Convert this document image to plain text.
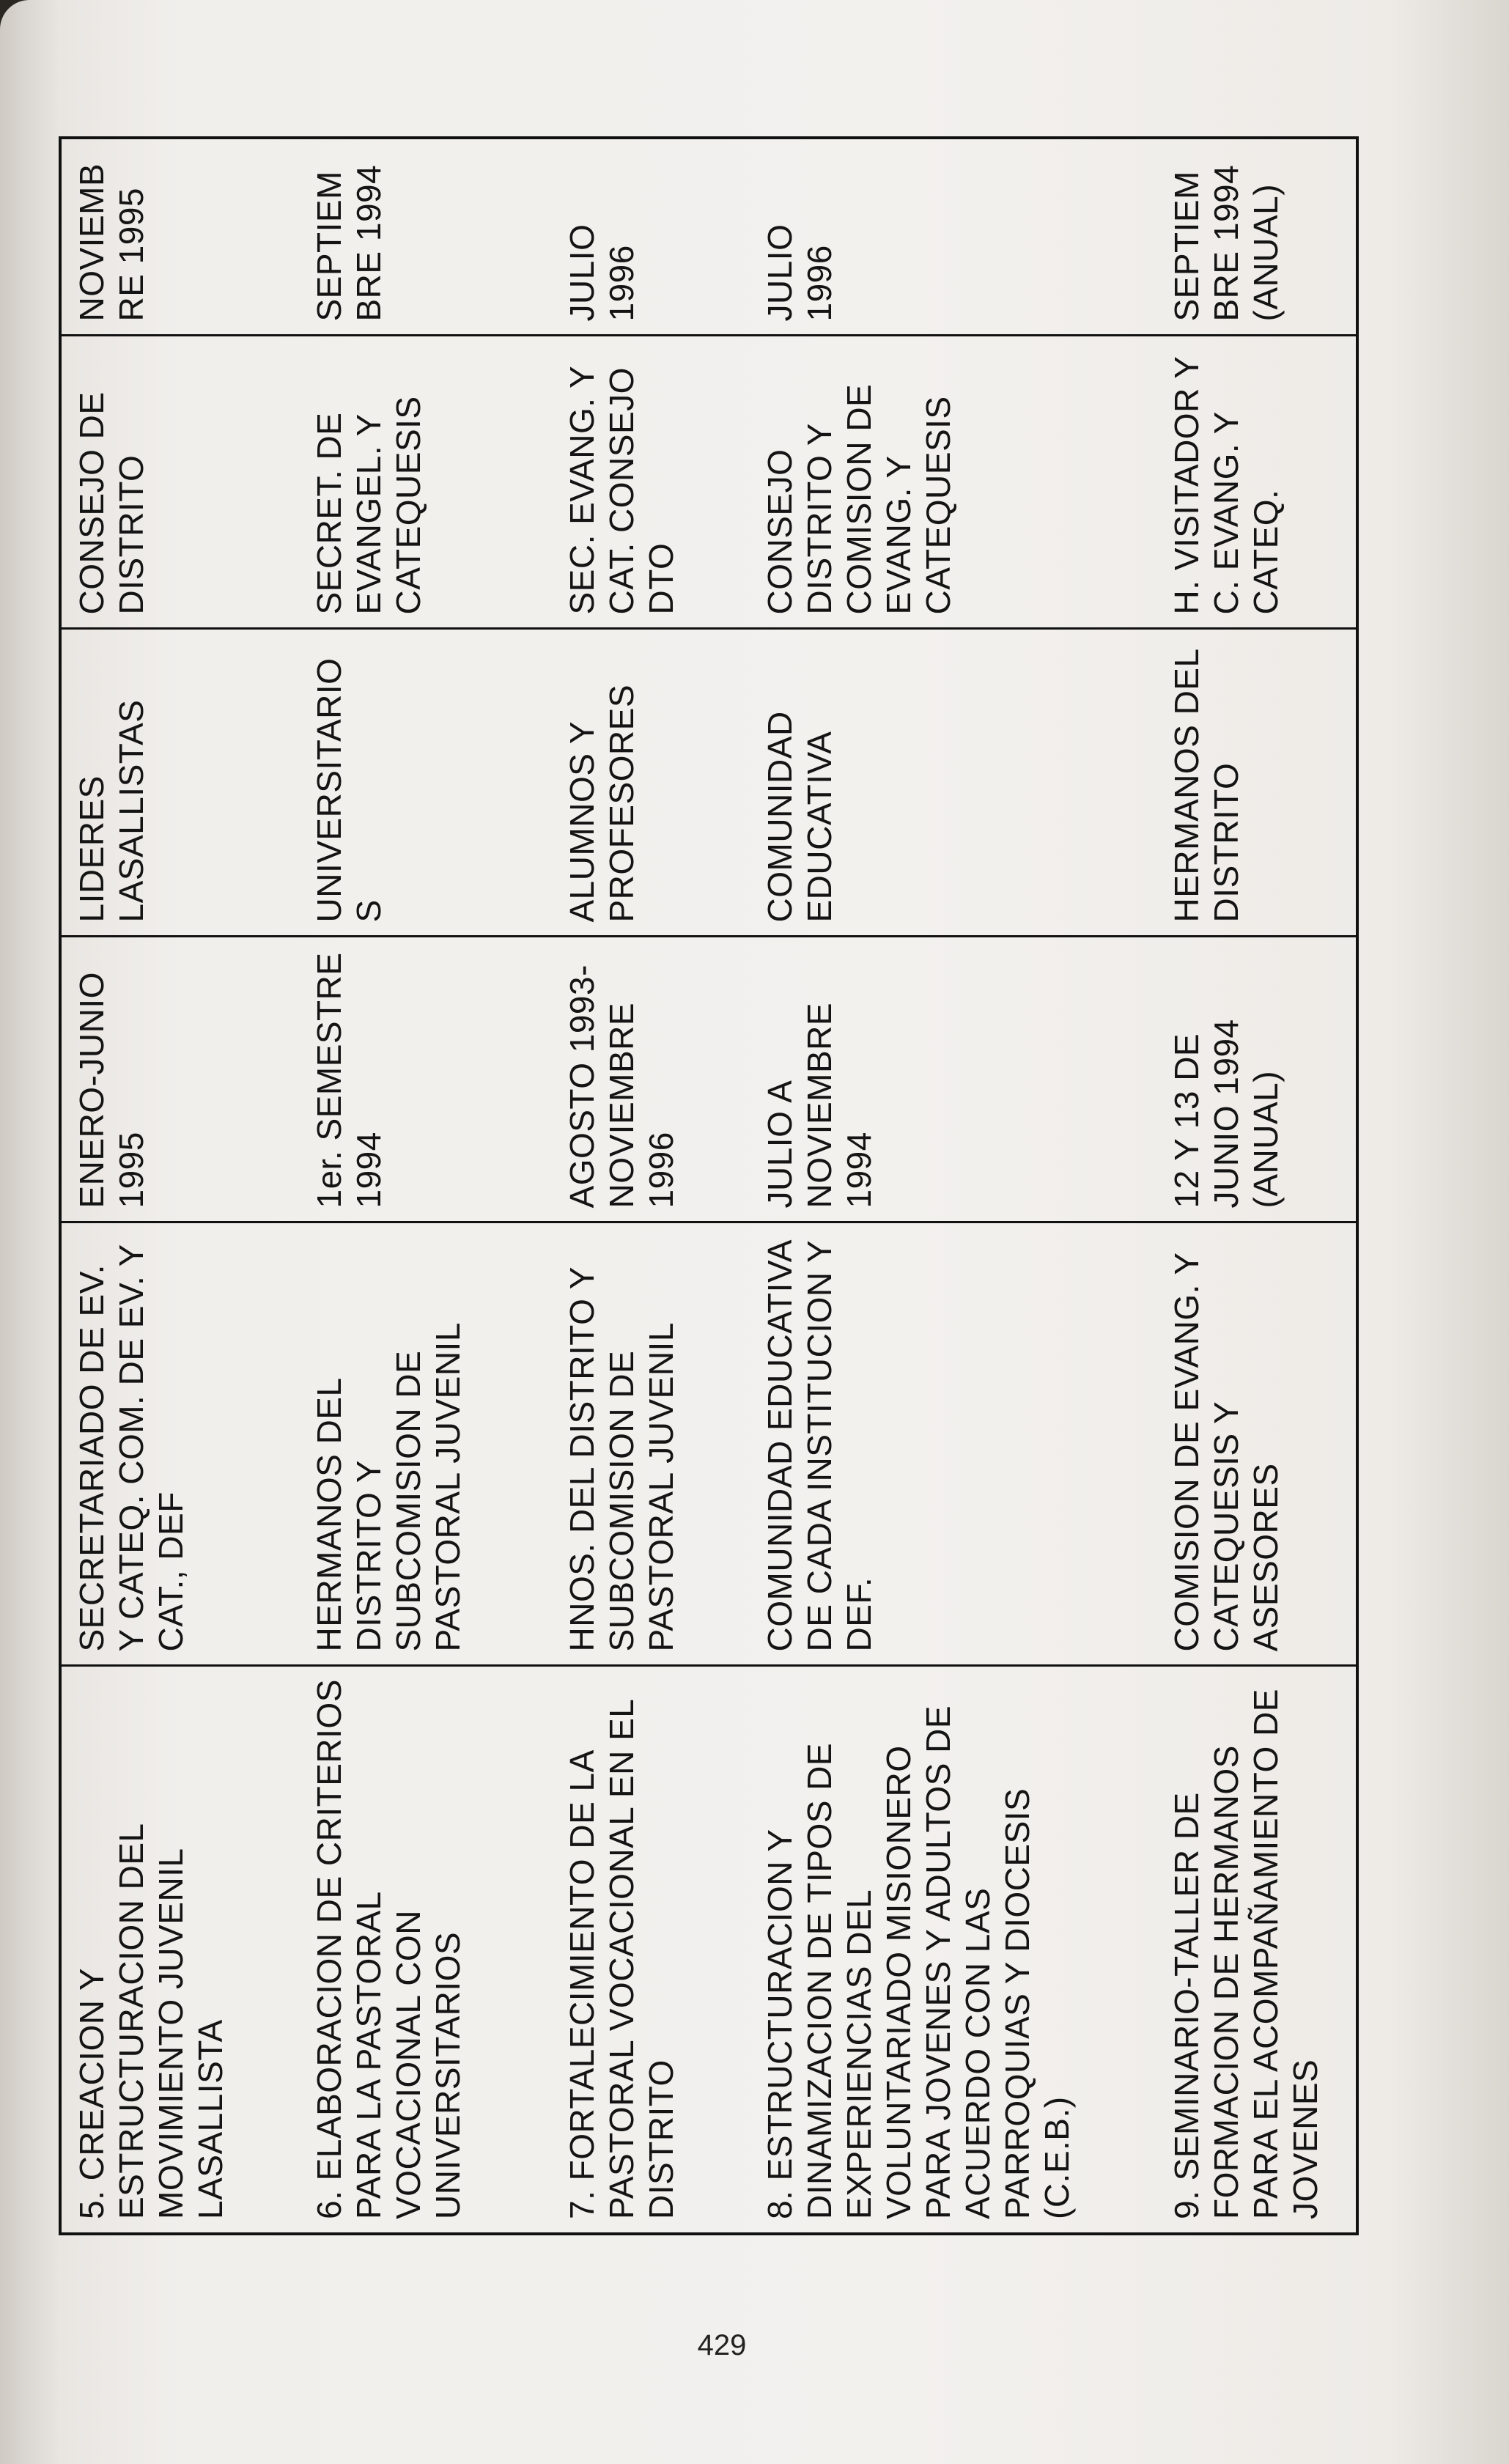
5. CREACION Y ESTRUCTURACION DEL MOVIMIENTO JUVENIL LASALLISTA	SECRETARIADO DE EV. Y CATEQ. COM. DE EV. Y CAT., DEF	ENERO-JUNIO 1995	LIDERES LASALLISTAS	CONSEJO DE DISTRITO	NOVIEMBRE 1995
6. ELABORACION DE CRITERIOS PARA LA PASTORAL VOCACIONAL CON UNIVERSITARIOS	HERMANOS DEL DISTRITO Y SUBCOMISION DE PASTORAL JUVENIL	1er. SEMESTRE 1994	UNIVERSITARIOS	SECRET. DE EVANGEL. Y CATEQUESIS	SEPTIEMBRE 1994
7. FORTALECIMIENTO DE LA PASTORAL VOCACIONAL EN EL DISTRITO	HNOS. DEL DISTRITO Y SUBCOMISION DE PASTORAL JUVENIL	AGOSTO 1993-NOVIEMBRE 1996	ALUMNOS Y PROFESORES	SEC. EVANG. Y CAT. CONSEJO DTO	JULIO 1996
8. ESTRUCTURACION Y DINAMIZACION DE TIPOS DE EXPERIENCIAS DEL VOLUNTARIADO MISIONERO PARA JOVENES Y ADULTOS DE ACUERDO CON LAS PARROQUIAS Y DIOCESIS (C.E.B.)	COMUNIDAD EDUCATIVA DE CADA INSTITUCION Y DEF.	JULIO A NOVIEMBRE 1994	COMUNIDAD EDUCATIVA	CONSEJO DISTRITO Y COMISION DE EVANG. Y CATEQUESIS	JULIO 1996
9. SEMINARIO-TALLER DE FORMACION DE HERMANOS PARA EL ACOMPAÑAMIENTO DE JOVENES	COMISION DE EVANG. Y CATEQUESIS Y ASESORES	12 Y 13 DE JUNIO 1994 (ANUAL)	HERMANOS DEL DISTRITO	H. VISITADOR Y C. EVANG. Y CATEQ.	SEPTIEMBRE 1994 (ANUAL)
429
